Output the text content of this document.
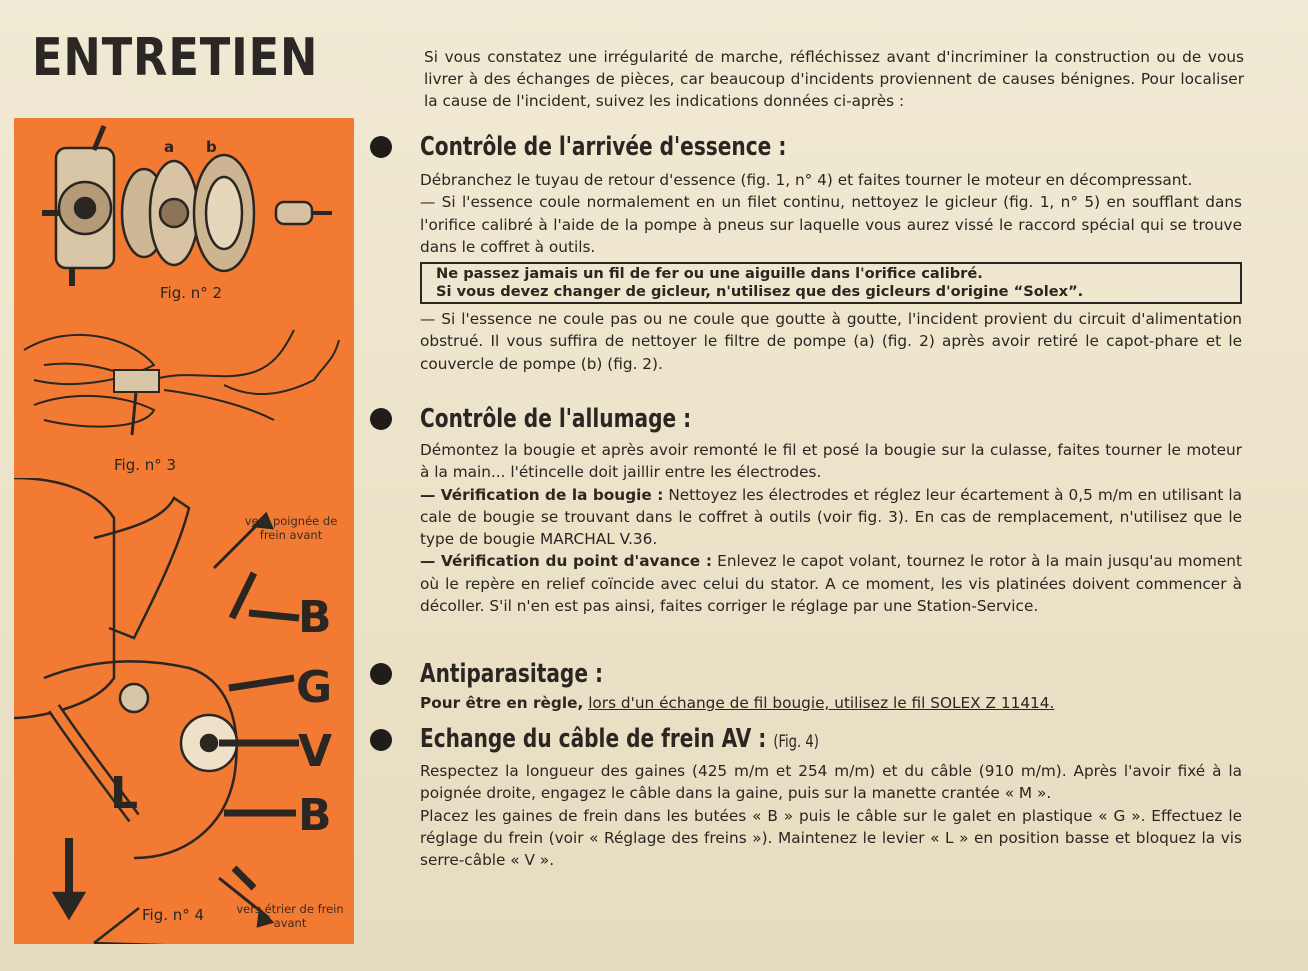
ENTRETIEN
a b
Fig. n° 2
Fig. n° 3
B
G
V
B
L
vers poignée de frein avant
vers étrier de frein avant
Fig. n° 4

Si vous constatez une irrégularité de marche, réfléchissez avant d'incriminer la construction ou de vous livrer à des échanges de pièces, car beaucoup d'incidents proviennent de causes bénignes. Pour localiser la cause de l'incident, suivez les indications données ci-après :

Contrôle de l'arrivée d'essence :

Débranchez le tuyau de retour d'essence (fig. 1, n° 4) et faites tourner le moteur en décompressant.

— Si l'essence coule normalement en un filet continu, nettoyez le gicleur (fig. 1, n° 5) en soufflant dans l'orifice calibré à l'aide de la pompe à pneus sur laquelle vous aurez vissé le raccord spécial qui se trouve dans le coffret à outils.

Ne passez jamais un fil de fer ou une aiguille dans l'orifice calibré.
Si vous devez changer de gicleur, n'utilisez que des gicleurs d'origine “Solex”.

— Si l'essence ne coule pas ou ne coule que goutte à goutte, l'incident provient du circuit d'alimentation obstrué. Il vous suffira de nettoyer le filtre de pompe (a) (fig. 2) après avoir retiré le capot-phare et le couvercle de pompe (b) (fig. 2).

Contrôle de l'allumage :

Démontez la bougie et après avoir remonté le fil et posé la bougie sur la culasse, faites tourner le moteur à la main... l'étincelle doit jaillir entre les électrodes.

— Vérification de la bougie : Nettoyez les électrodes et réglez leur écartement à 0,5 m/m en utilisant la cale de bougie se trouvant dans le coffret à outils (voir fig. 3). En cas de remplacement, n'utilisez que le type de bougie MARCHAL V.36.

— Vérification du point d'avance : Enlevez le capot volant, tournez le rotor à la main jusqu'au moment où le repère en relief coïncide avec celui du stator. A ce moment, les vis platinées doivent commencer à décoller. S'il n'en est pas ainsi, faites corriger le réglage par une Station-Service.

Antiparasitage :

Pour être en règle, lors d'un échange de fil bougie, utilisez le fil SOLEX Z 11414.

Echange du câble de frein AV : (Fig. 4)

Respectez la longueur des gaines (425 m/m et 254 m/m) et du câble (910 m/m). Après l'avoir fixé à la poignée droite, engagez le câble dans la gaine, puis sur la manette crantée « M ».

Placez les gaines de frein dans les butées « B » puis le câble sur le galet en plastique « G ». Effectuez le réglage du frein (voir « Réglage des freins »). Maintenez le levier « L » en position basse et bloquez la vis serre-câble « V ».
